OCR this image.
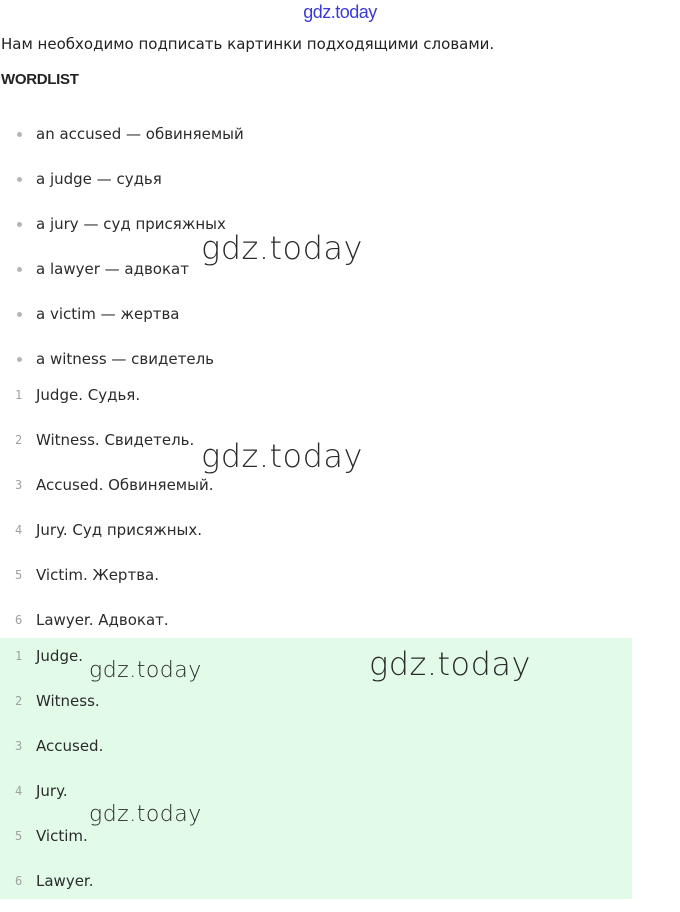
gdz.today
Нам необходимо подписать картинки подходящими словами.
WORDLIST
an accused — обвиняемый
a judge — судья
a jury — суд присяжных
a lawyer — адвокат
a victim — жертва
a witness — свидетель
1 Judge. Судья.
2 Witness. Свидетель.
3 Accused. Обвиняемый.
4 Jury. Суд присяжных.
5 Victim. Жертва.
6 Lawyer. Адвокат.
1 Judge.
2 Witness.
3 Accused.
4 Jury.
5 Victim.
6 Lawyer.
gdz.today
gdz.today
gdz.today
gdz.today
gdz.today
